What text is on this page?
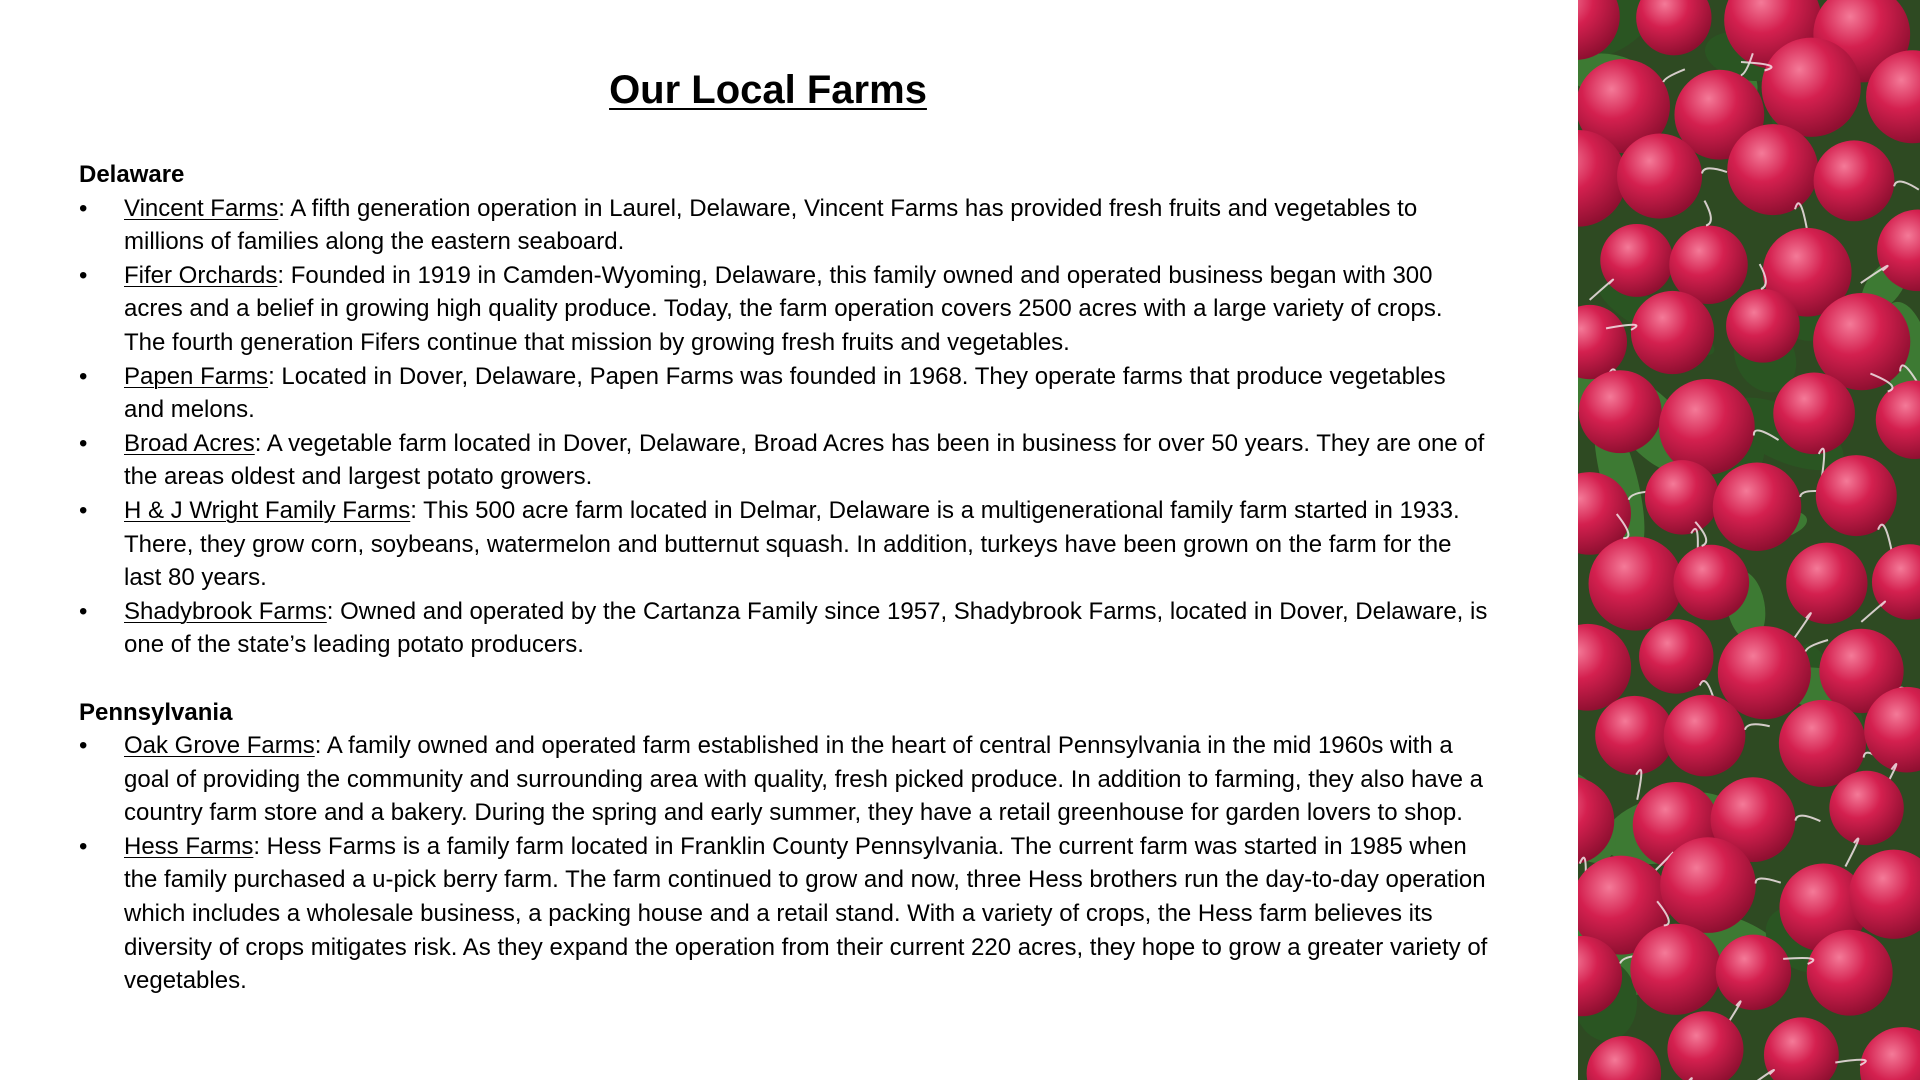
Our Local Farms

Delaware

•	Vincent Farms: A fifth generation operation in Laurel, Delaware, Vincent Farms has provided fresh fruits and vegetables to millions of families along the eastern seaboard.
•	Fifer Orchards: Founded in 1919 in Camden-Wyoming, Delaware, this family owned and operated business began with 300 acres and a belief in growing high quality produce. Today, the farm operation covers 2500 acres with a large variety of crops. The fourth generation Fifers continue that mission by growing fresh fruits and vegetables.
•	Papen Farms: Located in Dover, Delaware, Papen Farms was founded in 1968. They operate farms that produce vegetables and melons.
•	Broad Acres: A vegetable farm located in Dover, Delaware, Broad Acres has been in business for over 50 years. They are one of the areas oldest and largest potato growers.
•	H & J Wright Family Farms: This 500 acre farm located in Delmar, Delaware is a multigenerational family farm started in 1933. There, they grow corn, soybeans, watermelon and butternut squash. In addition, turkeys have been grown on the farm for the last 80 years.
•	Shadybrook Farms: Owned and operated by the Cartanza Family since 1957, Shadybrook Farms, located in Dover, Delaware, is one of the state’s leading potato producers.

Pennsylvania

•	Oak Grove Farms: A family owned and operated farm established in the heart of central Pennsylvania in the mid 1960s with a goal of providing the community and surrounding area with quality, fresh picked produce. In addition to farming, they also have a country farm store and a bakery. During the spring and early summer, they have a retail greenhouse for garden lovers to shop.
•	Hess Farms: Hess Farms is a family farm located in Franklin County Pennsylvania. The current farm was started in 1985 when the family purchased a u-pick berry farm. The farm continued to grow and now, three Hess brothers run the day-to-day operation which includes a wholesale business, a packing house and a retail stand. With a variety of crops, the Hess farm believes its diversity of crops mitigates risk. As they expand the operation from their current 220 acres, they hope to grow a greater variety of vegetables.
